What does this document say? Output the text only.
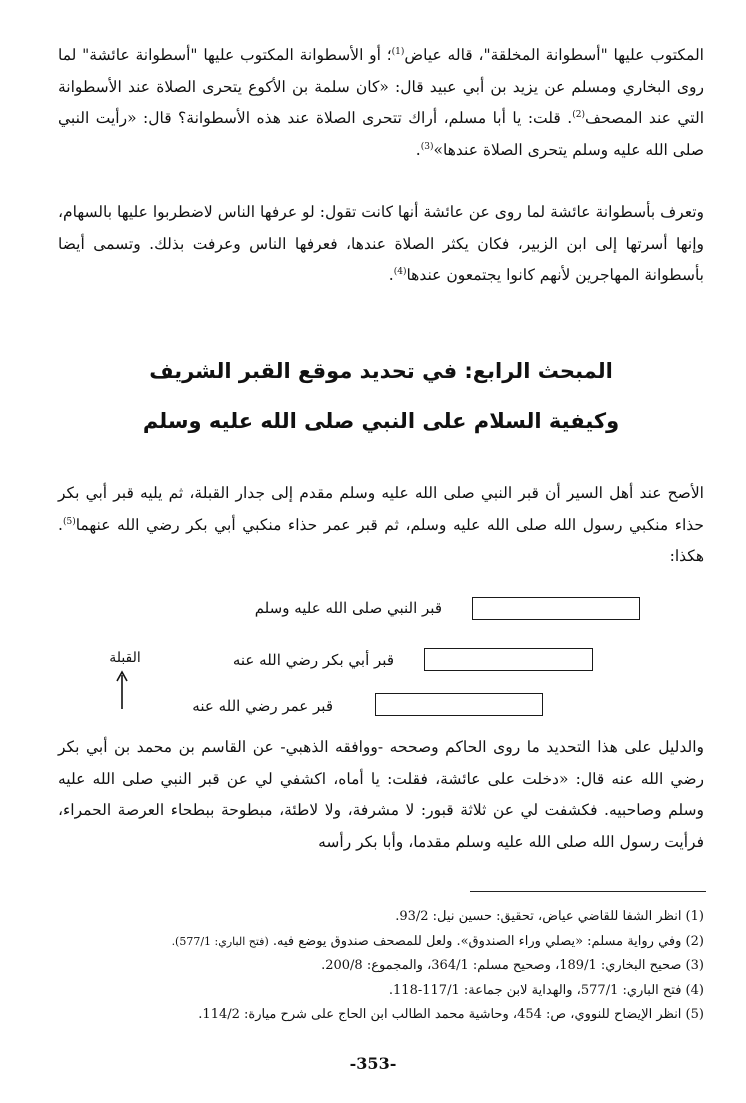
المكتوب عليها "أسطوانة المخلقة"، قاله عياض$^{(1)}$؛ أو الأسطوانة المكتوب عليها "أسطوانة عائشة" لما روى البخاري ومسلم عن يزيد بن أبي عبيد قال: «كان سلمة بن الأكوع يتحرى الصلاة عند الأسطوانة التي عند المصحف$^{(2)}$. قلت: يا أبا مسلم، أراك تتحرى الصلاة عند هذه الأسطوانة؟ قال: «رأيت النبي صلى الله عليه وسلم يتحرى الصلاة عندها»$^{(3)}$.

وتعرف بأسطوانة عائشة لما روى عن عائشة أنها كانت تقول: لو عرفها الناس لاضطربوا عليها بالسهام، وإنها أسرتها إلى ابن الزبير، فكان يكثر الصلاة عندها، فعرفها الناس وعرفت بذلك. وتسمى أيضا بأسطوانة المهاجرين لأنهم كانوا يجتمعون عندها$^{(4)}$.

المبحث الرابع: في تحديد موقع القبر الشريف
وكيفية السلام على النبي صلى الله عليه وسلم

الأصح عند أهل السير أن قبر النبي صلى الله عليه وسلم مقدم إلى جدار القبلة، ثم يليه قبر أبي بكر حذاء منكبي رسول الله صلى الله عليه وسلم، ثم قبر عمر حذاء منكبي أبي بكر رضي الله عنهما$^{(5)}$. هكذا:

قبر النبي صلى الله عليه وسلم
قبر أبي بكر رضي الله عنه
قبر عمر رضي الله عنه
القبلة

والدليل على هذا التحديد ما روى الحاكم وصححه -ووافقه الذهبي- عن القاسم بن محمد بن أبي بكر رضي الله عنه قال: «دخلت على عائشة، فقلت: يا أماه، اكشفي لي عن قبر النبي صلى الله عليه وسلم وصاحبيه. فكشفت لي عن ثلاثة قبور: لا مشرفة، ولا لاطئة، مبطوحة ببطحاء العرصة الحمراء، فرأيت رسول الله صلى الله عليه وسلم مقدما، وأبا بكر رأسه

(1) انظر الشفا للقاضي عياض، تحقيق: حسين نيل: 93/2.
(2) وفي رواية مسلم: «يصلي وراء الصندوق». ولعل للمصحف صندوق يوضع فيه. (فتح الباري: 577/1).
(3) صحيح البخاري: 189/1، وصحيح مسلم: 364/1، والمجموع: 200/8.
(4) فتح الباري: 577/1، والهداية لابن جماعة: 117/1-118.
(5) انظر الإيضاح للنووي، ص: 454، وحاشية محمد الطالب ابن الحاج على شرح ميارة: 114/2.
-353-
